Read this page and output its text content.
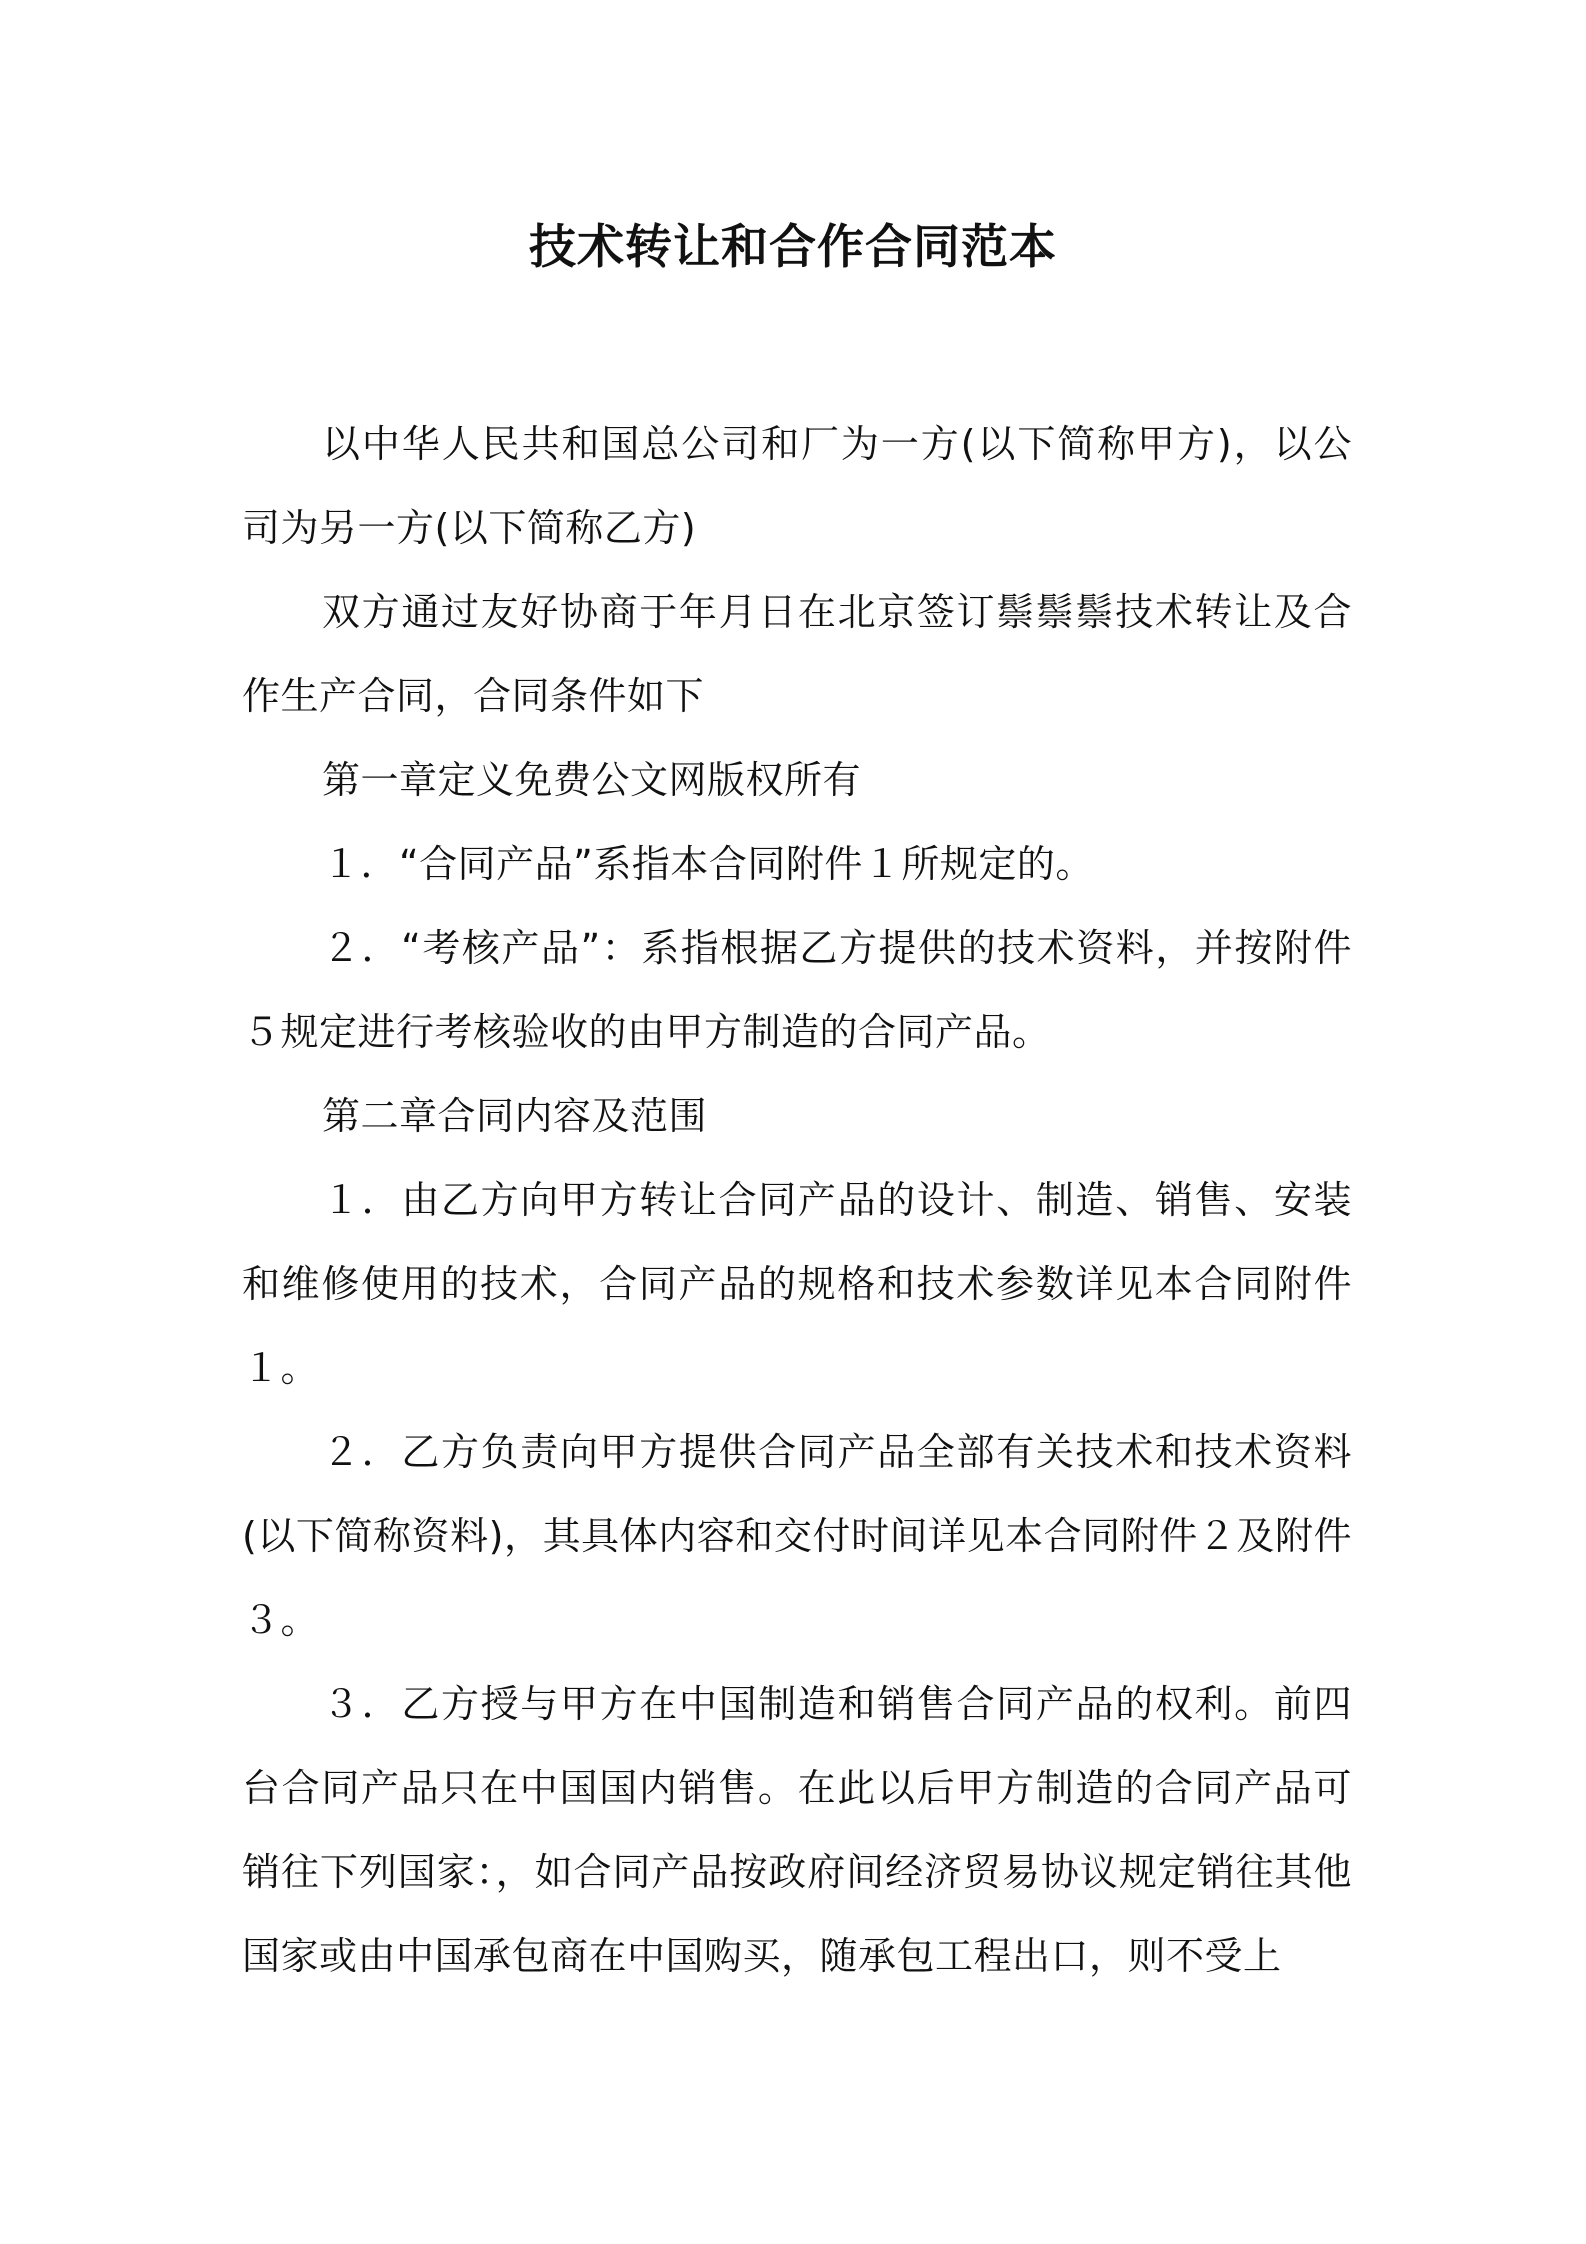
技术转让和合作合同范本

以中华人民共和国总公司和厂为一方(以下简称甲方)，以公司为另一方(以下简称乙方)

双方通过友好协商于年月日在北京签订鬃鬃鬃技术转让及合作生产合同，合同条件如下

第一章定义免费公文网版权所有

１．“合同产品”系指本合同附件１所规定的。

２．“考核产品”：系指根据乙方提供的技术资料，并按附件５规定进行考核验收的由甲方制造的合同产品。

第二章合同内容及范围

１．由乙方向甲方转让合同产品的设计、制造、销售、安装和维修使用的技术，合同产品的规格和技术参数详见本合同附件１。

２．乙方负责向甲方提供合同产品全部有关技术和技术资料(以下简称资料)，其具体内容和交付时间详见本合同附件２及附件３。

３．乙方授与甲方在中国制造和销售合同产品的权利。前四台合同产品只在中国国内销售。在此以后甲方制造的合同产品可销往下列国家：，如合同产品按政府间经济贸易协议规定销往其他国家或由中国承包商在中国购买，随承包工程出口，则不受上
